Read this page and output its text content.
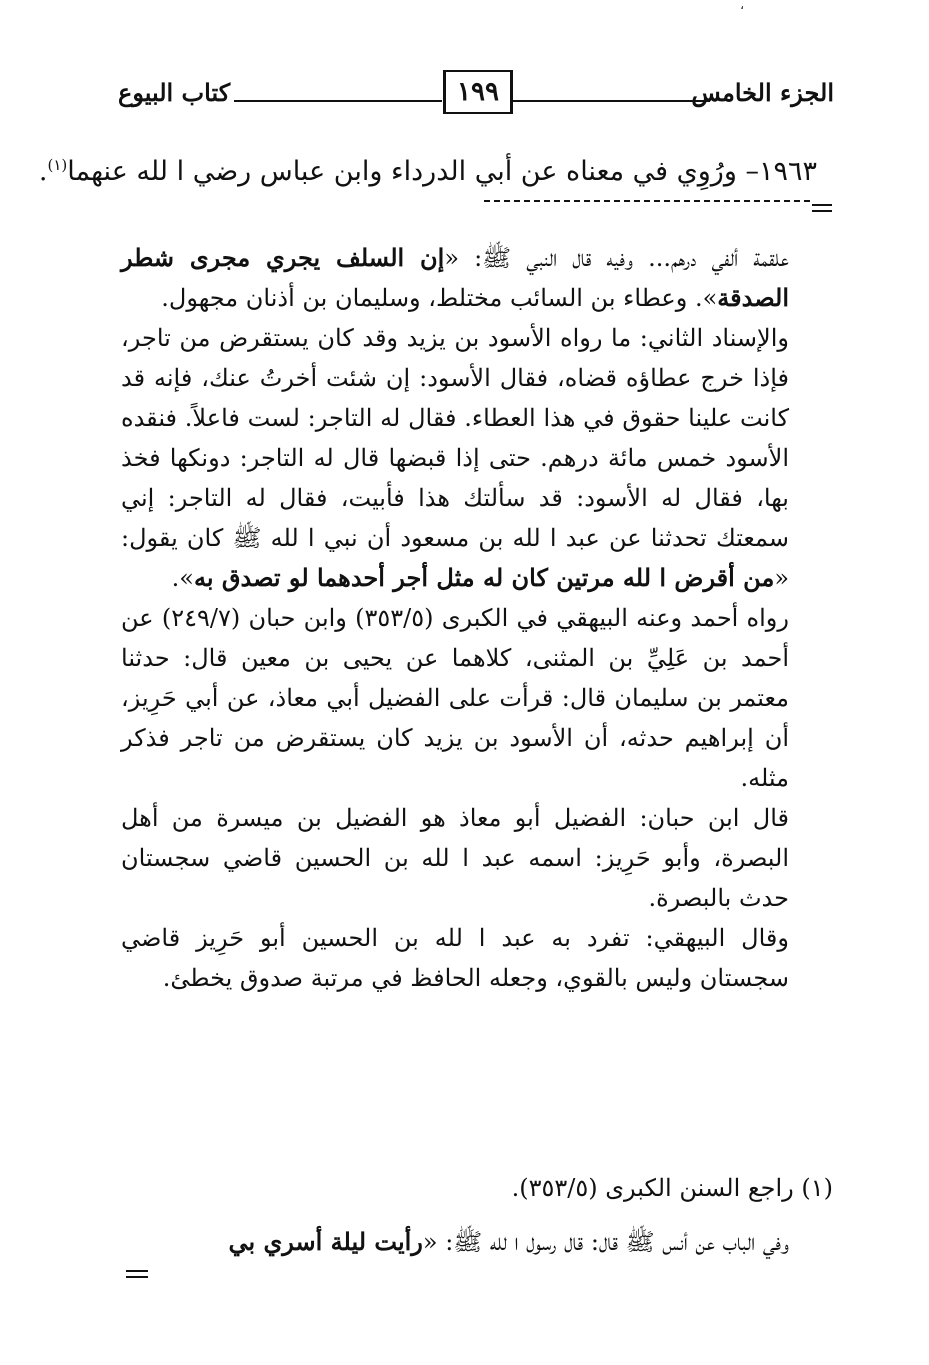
،
الجزء الخامس
١٩٩
كتاب البيوع
١٩٦٣– ورُوِي في معناه عن أبي الدرداء وابن عباس رضي ا لله عنهما$^{(١)}$.

علقمة ألفي درهم... وفيه قال النبي ﷺ: «إن السلف يجري مجرى شطر الصدقة». وعطاء بن السائب مختلط، وسليمان بن أذنان مجهول.

والإسناد الثاني: ما رواه الأسود بن يزيد وقد كان يستقرض من تاجر، فإذا خرج عطاؤه قضاه، فقال الأسود: إن شئت أخرتُ عنك، فإنه قد كانت علينا حقوق في هذا العطاء. فقال له التاجر: لست فاعلاً. فنقده الأسود خمس مائة درهم. حتى إذا قبضها قال له التاجر: دونكها فخذ بها، فقال له الأسود: قد سألتك هذا فأبيت، فقال له التاجر: إني سمعتك تحدثنا عن عبد ا لله بن مسعود أن نبي ا لله ﷺ كان يقول: «من أقرض ا لله مرتين كان له مثل أجر أحدهما لو تصدق به».

رواه أحمد وعنه البيهقي في الكبرى (٣٥٣/٥) وابن حبان (٢٤٩/٧) عن أحمد بن عَلِيِّ بن المثنى، كلاهما عن يحيى بن معين قال: حدثنا معتمر بن سليمان قال: قرأت على الفضيل أبي معاذ، عن أبي حَرِيز، أن إبراهيم حدثه، أن الأسود بن يزيد كان يستقرض من تاجر فذكر مثله.

قال ابن حبان: الفضيل أبو معاذ هو الفضيل بن ميسرة من أهل البصرة، وأبو حَرِيز: اسمه عبد ا لله بن الحسين قاضي سجستان حدث بالبصرة.

وقال البيهقي: تفرد به عبد ا لله بن الحسين أبو حَرِيز قاضي سجستان وليس بالقوي، وجعله الحافظ في مرتبة صدوق يخطئ.

(١) راجع السنن الكبرى (٣٥٣/٥).
وفي الباب عن أنس ﷺ قال: قال رسول ا لله ﷺ: «رأيت ليلة أسري بي
